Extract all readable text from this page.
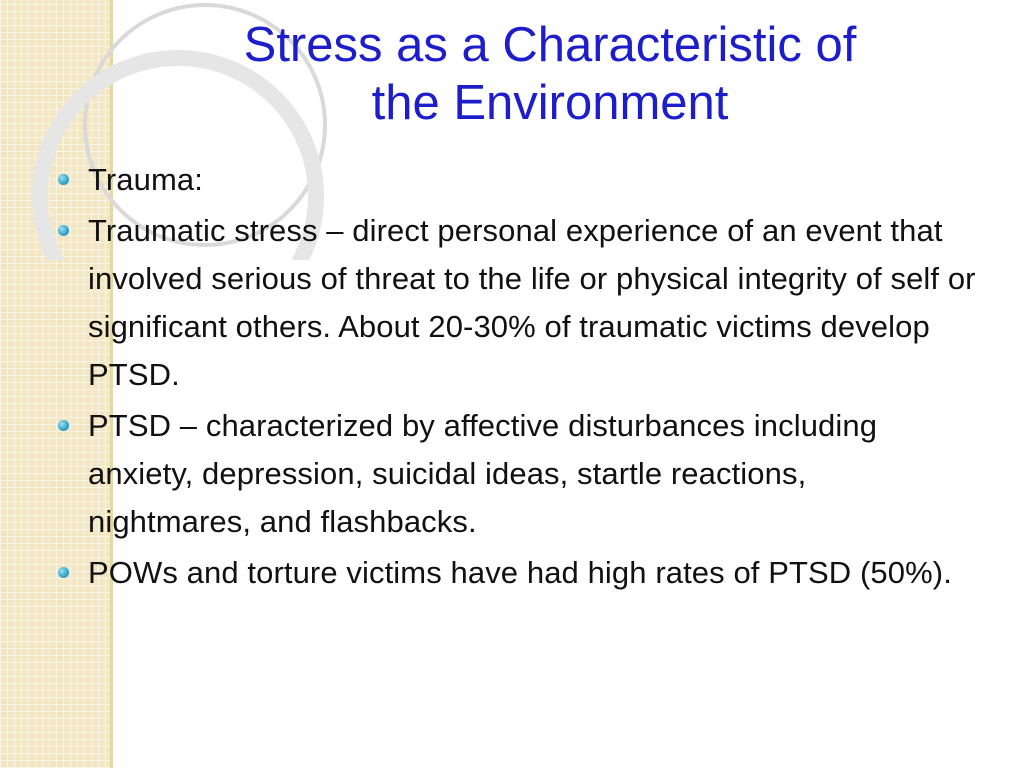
Stress as a Characteristic of
the Environment
Trauma:
Traumatic stress – direct personal experience of an event that involved serious of threat to the life or physical integrity of self or significant others. About 20-30% of traumatic victims develop PTSD.
PTSD – characterized by affective disturbances including anxiety, depression, suicidal ideas, startle reactions, nightmares, and flashbacks.
POWs and torture victims have had high rates of PTSD (50%).
